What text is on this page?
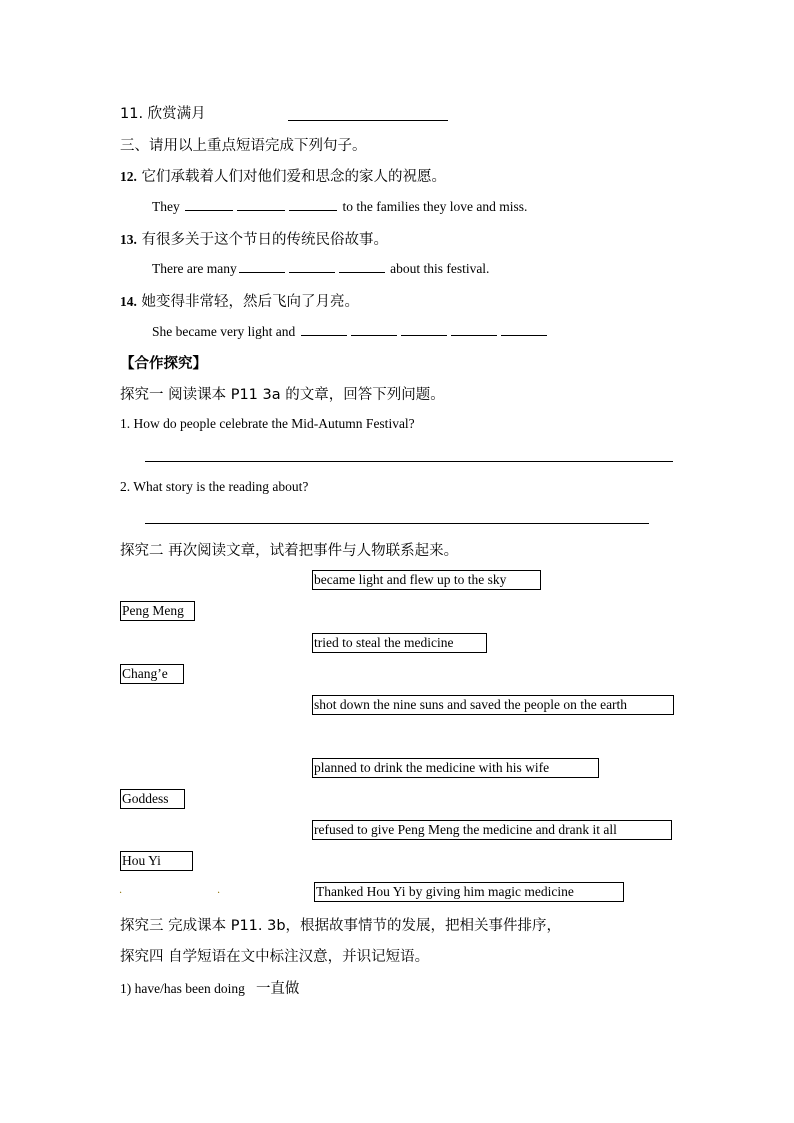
11. 欣赏满月
三、请用以上重点短语完成下列句子。
12. 它们承载着人们对他们爱和思念的家人的祝愿。
They	to the families they love and miss.
13. 有很多关于这个节日的传统民俗故事。
There are many	about this festival.
14. 她变得非常轻，然后飞向了月亮。
She became very light and
【合作探究】
探究一 阅读课本 P11 3a 的文章，回答下列问题。
1. How do people celebrate the Mid-Autumn Festival?
2. What story is the reading about?
探究二 再次阅读文章，试着把事件与人物联系起来。
became light and flew up to the sky
tried to steal the medicine
shot down the nine suns and saved the people on the earth
planned to drink the medicine with his wife
refused to give Peng Meng the medicine and drank it all
Thanked Hou Yi by giving him magic medicine
Peng Meng
Chang’e
Goddess
Hou Yi
.	.
探究三 完成课本 P11. 3b，根据故事情节的发展，把相关事件排序，
探究四 自学短语在文中标注汉意，并识记短语。
1) have/has been doing 一直做
